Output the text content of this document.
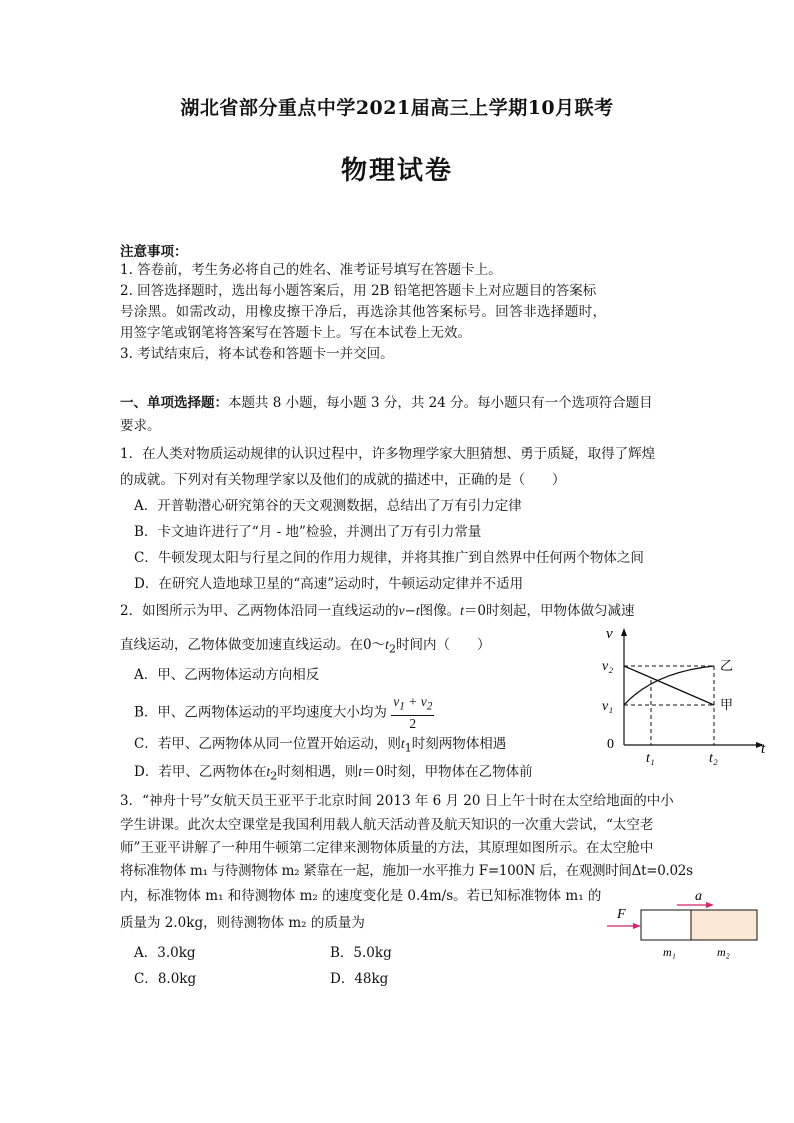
湖北省部分重点中学2021届高三上学期10月联考
物理试卷
注意事项：
1. 答卷前，考生务必将自己的姓名、准考证号填写在答题卡上。
2. 回答选择题时，选出每小题答案后，用 2B 铅笔把答题卡上对应题目的答案标
号涂黑。如需改动，用橡皮擦干净后，再选涂其他答案标号。回答非选择题时，
用签字笔或钢笔将答案写在答题卡上。写在本试卷上无效。
3. 考试结束后，将本试卷和答题卡一并交回。
一、单项选择题：本题共 8 小题，每小题 3 分，共 24 分。每小题只有一个选项符合题目
要求。
1．在人类对物质运动规律的认识过程中，许多物理学家大胆猜想、勇于质疑，取得了辉煌
的成就。下列对有关物理学家以及他们的成就的描述中，正确的是（　　）
A．开普勒潜心研究第谷的天文观测数据，总结出了万有引力定律
B．卡文迪许进行了“月 - 地”检验，并测出了万有引力常量
C．牛顿发现太阳与行星之间的作用力规律，并将其推广到自然界中任何两个物体之间
D．在研究人造地球卫星的“高速”运动时，牛顿运动定律并不适用
2．如图所示为甲、乙两物体沿同一直线运动的v−t图像。t＝0时刻起，甲物体做匀减速
直线运动，乙物体做变加速直线运动。在$0\sim t_2$时间内（　　）
A．甲、乙两物体运动方向相反
B．甲、乙两物体运动的平均速度大小均为 $\frac{v_1 + v_2}{2}$
C．若甲、乙两物体从同一位置开始运动，则$t_1$时刻两物体相遇
D．若甲、乙两物体在$t_2$时刻相遇，则t＝0时刻，甲物体在乙物体前
v
v₂
v₁
0
t₁	t₂
t
乙
甲
3．“神舟十号”女航天员王亚平于北京时间 2013 年 6 月 20 日上午十时在太空给地面的中小
学生讲课。此次太空课堂是我国利用载人航天活动普及航天知识的一次重大尝试，“太空老
师”王亚平讲解了一种用牛顿第二定律来测物体质量的方法，其原理如图所示。在太空舱中
将标准物体 m₁ 与待测物体 m₂ 紧靠在一起，施加一水平推力 F=100N 后，在观测时间Δt=0.02s
内，标准物体 m₁ 和待测物体 m₂ 的速度变化是 0.4m/s。若已知标准物体 m₁ 的
质量为 2.0kg，则待测物体 m₂ 的质量为
A．3.0kg	B．5.0kg
C．8.0kg	D．48kg
a
F
m₁	m₂
